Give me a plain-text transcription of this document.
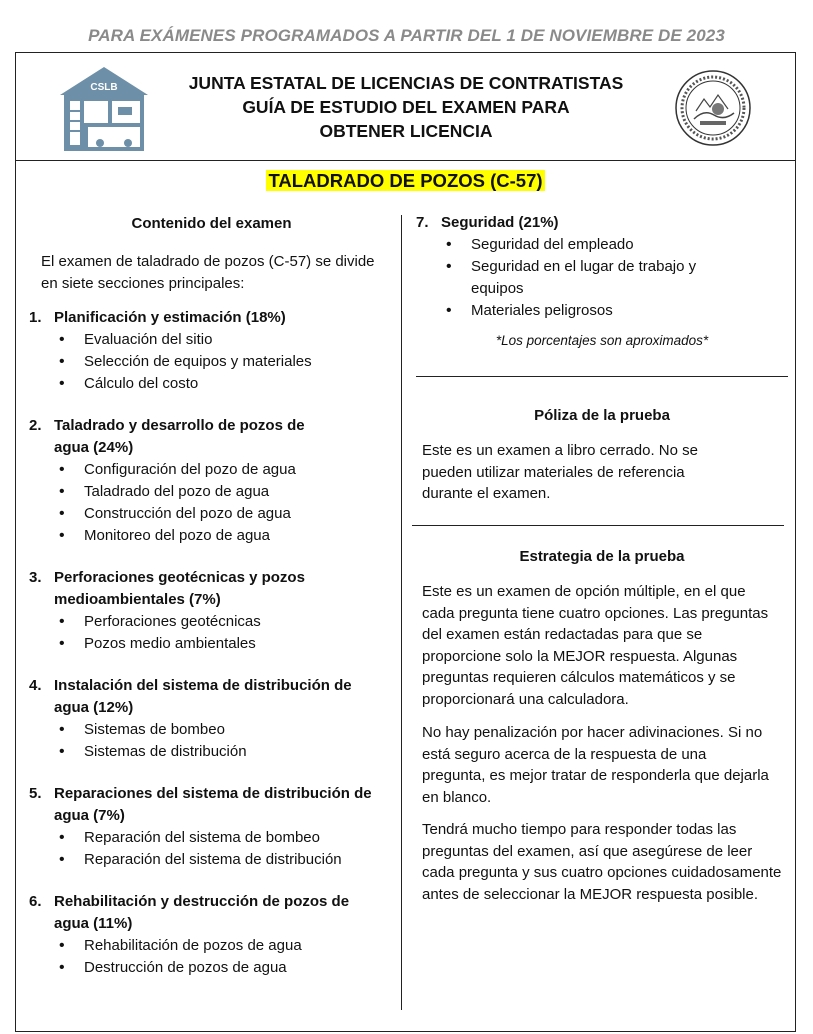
PARA EXÁMENES PROGRAMADOS A PARTIR DEL 1 DE NOVIEMBRE DE 2023
CSLB	JUNTA ESTATAL DE LICENCIAS DE CONTRATISTAS
GUÍA DE ESTUDIO DEL EXAMEN PARA
OBTENER LICENCIA
TALADRADO DE POZOS (C-57)
Contenido del examen
El examen de taladrado de pozos (C-57) se divide en siete secciones principales:
1. Planificación y estimación (18%)
• Evaluación del sitio
• Selección de equipos y materiales
• Cálculo del costo
2. Taladrado y desarrollo de pozos de agua (24%)
• Configuración del pozo de agua
• Taladrado del pozo de agua
• Construcción del pozo de agua
• Monitoreo del pozo de agua
3. Perforaciones geotécnicas y pozos medioambientales (7%)
• Perforaciones geotécnicas
• Pozos medio ambientales
4. Instalación del sistema de distribución de agua (12%)
• Sistemas de bombeo
• Sistemas de distribución
5. Reparaciones del sistema de distribución de agua (7%)
• Reparación del sistema de bombeo
• Reparación del sistema de distribución
6. Rehabilitación y destrucción de pozos de agua (11%)
• Rehabilitación de pozos de agua
• Destrucción de pozos de agua
7. Seguridad (21%)
• Seguridad del empleado
• Seguridad en el lugar de trabajo y equipos
• Materiales peligrosos
*Los porcentajes son aproximados*
Póliza de la prueba
Este es un examen a libro cerrado. No se pueden utilizar materiales de referencia durante el examen.
Estrategia de la prueba
Este es un examen de opción múltiple, en el que cada pregunta tiene cuatro opciones. Las preguntas del examen están redactadas para que se proporcione solo la MEJOR respuesta. Algunas preguntas requieren cálculos matemáticos y se proporcionará una calculadora.
No hay penalización por hacer adivinaciones. Si no está seguro acerca de la respuesta de una pregunta, es mejor tratar de responderla que dejarla en blanco.
Tendrá mucho tiempo para responder todas las preguntas del examen, así que asegúrese de leer cada pregunta y sus cuatro opciones cuidadosamente antes de seleccionar la MEJOR respuesta posible.
